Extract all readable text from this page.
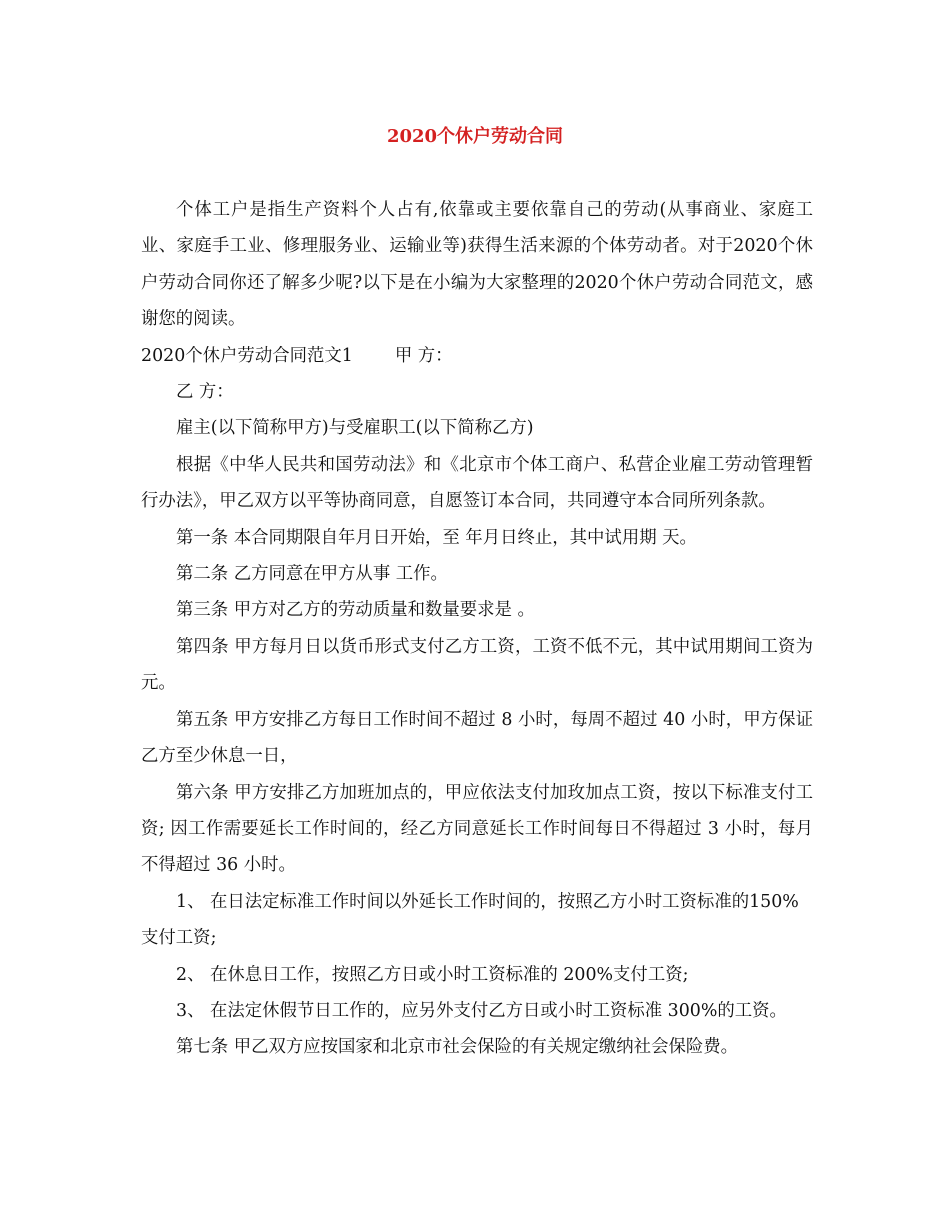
2020个休户劳动合同

个体工户是指生产资料个人占有,依靠或主要依靠自己的劳动(从事商业、家庭工业、家庭手工业、修理服务业、运输业等)获得生活来源的个体劳动者。对于2020个休户劳动合同你还了解多少呢?以下是在小编为大家整理的2020个休户劳动合同范文，感谢您的阅读。

2020个休户劳动合同范文1 甲 方：

乙 方：

雇主(以下简称甲方)与受雇职工(以下简称乙方)

根据《中华人民共和国劳动法》和《北京市个体工商户、私营企业雇工劳动管理暂行办法》，甲乙双方以平等协商同意，自愿签订本合同，共同遵守本合同所列条款。

第一条 本合同期限自年月日开始，至 年月日终止，其中试用期 天。

第二条 乙方同意在甲方从事 工作。

第三条 甲方对乙方的劳动质量和数量要求是 。

第四条 甲方每月日以货币形式支付乙方工资，工资不低不元，其中试用期间工资为元。

第五条 甲方安排乙方每日工作时间不超过 8 小时，每周不超过 40 小时，甲方保证乙方至少休息一日，

第六条 甲方安排乙方加班加点的，甲应依法支付加玫加点工资，按以下标准支付工资; 因工作需要延长工作时间的，经乙方同意延长工作时间每日不得超过 3 小时，每月不得超过 36 小时。

1、 在日法定标准工作时间以外延长工作时间的，按照乙方小时工资标准的150%支付工资;

2、 在休息日工作，按照乙方日或小时工资标准的 200%支付工资;

3、 在法定休假节日工作的，应另外支付乙方日或小时工资标准 300%的工资。

第七条 甲乙双方应按国家和北京市社会保险的有关规定缴纳社会保险费。
